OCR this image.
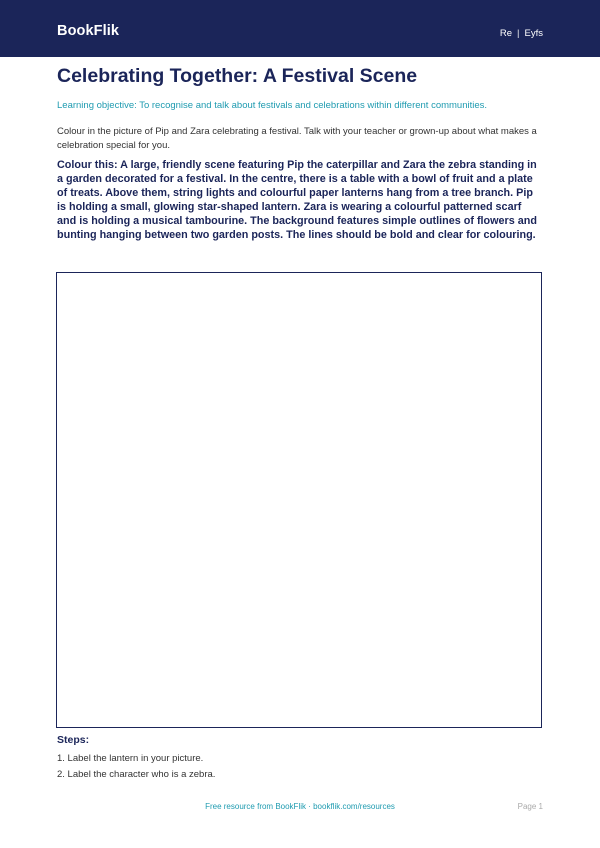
BookFlik	Re | Eyfs
Celebrating Together: A Festival Scene

Learning objective: To recognise and talk about festivals and celebrations within different communities.

Colour in the picture of Pip and Zara celebrating a festival. Talk with your teacher or grown-up about what makes a celebration special for you.

Colour this: A large, friendly scene featuring Pip the caterpillar and Zara the zebra standing in a garden decorated for a festival. In the centre, there is a table with a bowl of fruit and a plate of treats. Above them, string lights and colourful paper lanterns hang from a tree branch. Pip is holding a small, glowing star-shaped lantern. Zara is wearing a colourful patterned scarf and is holding a musical tambourine. The background features simple outlines of flowers and bunting hanging between two garden posts. The lines should be bold and clear for colouring.

Steps:
1. Label the lantern in your picture.
2. Label the character who is a zebra.
Free resource from BookFlik · bookflik.com/resources	Page 1
